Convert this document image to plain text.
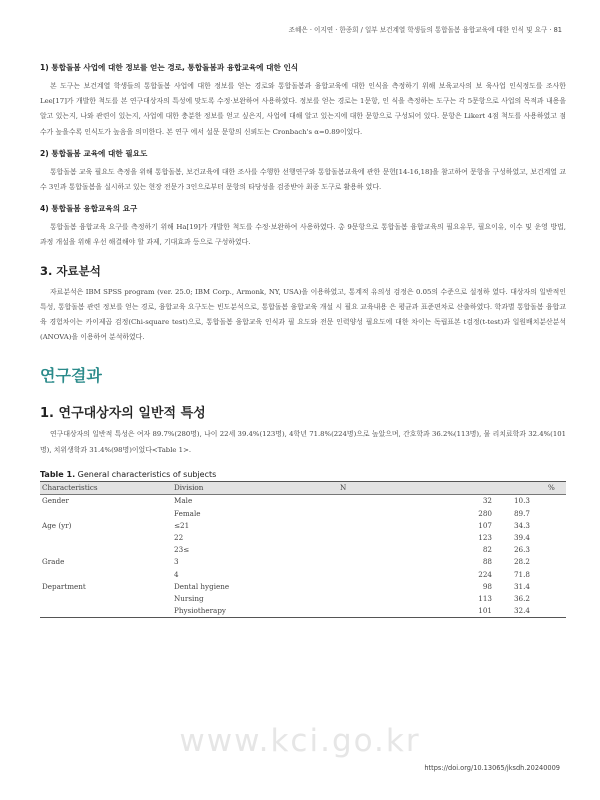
조혜은 · 이지연 · 한종희 / 일부 보건계열 학생들의 통합돌봄 융합교육에 대한 인식 및 요구 · 81

1) 통합돌봄 사업에 대한 정보를 얻는 경로, 통합돌봄과 융합교육에 대한 인식

본 도구는 보건계열 학생들의 통합돌봄 사업에 대한 정보를 얻는 경로와 통합돌봄과 융합교육에 대한 인식을 측정하기 위해 보육교사의 보 육사업 인식정도를 조사한 Lee[17]가 개발한 척도를 본 연구대상자의 특성에 맞도록 수정·보완하여 사용하였다. 정보를 얻는 경로는 1문항, 인 식을 측정하는 도구는 각 5문항으로 사업의 목적과 내용을 알고 있는지, 나와 관련이 있는지, 사업에 대한 충분한 정보를 얻고 싶은지, 사업에 대해 알고 있는지에 대한 문항으로 구성되어 있다. 문항은 Likert 4점 척도를 사용하였고 점수가 높을수록 인식도가 높음을 의미한다. 본 연구 에서 설문 문항의 신뢰도는 Cronbach's α=0.89이었다.

2) 통합돌봄 교육에 대한 필요도

통합돌봄 교육 필요도 측정을 위해 통합돌봄, 보건교육에 대한 조사를 수행한 선행연구와 통합돌봄교육에 관한 문헌[14-16,18]을 참고하여 문항을 구성하였고, 보건계열 교수 3인과 통합돌봄을 실시하고 있는 현장 전문가 3인으로부터 문항의 타당성을 검증받아 최종 도구로 활용하 였다.

4) 통합돌봄 융합교육의 요구

통합돌봄 융합교육 요구를 측정하기 위해 Ha[19]가 개발한 척도를 수정·보완하여 사용하였다. 총 9문항으로 통합돌봄 융합교육의 필요유무, 필요이유, 이수 및 운영 방법, 과정 개설을 위해 우선 해결해야 할 과제, 기대효과 등으로 구성하였다.

3. 자료분석

자료분석은 IBM SPSS program (ver. 25.0; IBM Corp., Armonk, NY, USA)을 이용하였고, 통계적 유의성 검정은 0.05의 수준으로 설정하 였다. 대상자의 일반적인 특성, 통합돌봄 관련 정보를 얻는 경로, 융합교육 요구도는 빈도분석으로, 통합돌봄 융합교육 개설 시 필요 교육내용 은 평균과 표준편차로 산출하였다. 학과별 통합돌봄 융합교육 경험차이는 카이제곱 검정(Chi-square test)으로, 통합돌봄 융합교육 인식과 필 요도와 전문 인력양성 필요도에 대한 차이는 독립표본 t검정(t-test)과 일원배치분산분석(ANOVA)을 이용하여 분석하였다.

연구결과

1. 연구대상자의 일반적 특성

연구대상자의 일반적 특성은 여자 89.7%(280명), 나이 22세 39.4%(123명), 4학년 71.8%(224명)으로 높았으며, 간호학과 36.2%(113명), 물 리치료학과 32.4%(101명), 치위생학과 31.4%(98명)이었다<Table 1>.

Table 1. General characteristics of subjects

Characteristics	Division	N	%
Gender	Male	32	10.3
	Female	280	89.7
Age (yr)	≤21	107	34.3
	22	123	39.4
	23≤	82	26.3
Grade	3	88	28.2
	4	224	71.8
Department	Dental hygiene	98	31.4
	Nursing	113	36.2
	Physiotherapy	101	32.4
www.kci.go.kr
https://doi.org/10.13065/jksdh.20240009
